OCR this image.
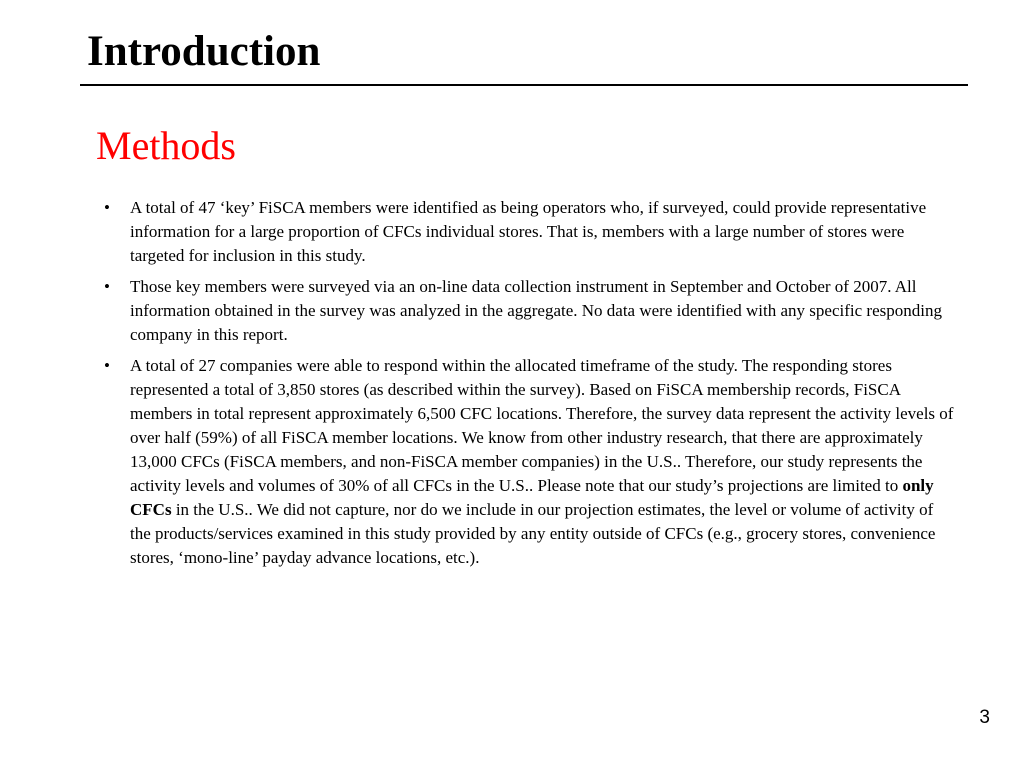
Introduction
Methods
• A total of 47 ‘key’ FiSCA members were identified as being operators who, if surveyed, could provide representative information for a large proportion of CFCs individual stores. That is, members with a large number of stores were targeted for inclusion in this study.
• Those key members were surveyed via an on-line data collection instrument in September and October of 2007. All information obtained in the survey was analyzed in the aggregate. No data were identified with any specific responding company in this report.
• A total of 27 companies were able to respond within the allocated timeframe of the study. The responding stores represented a total of 3,850 stores (as described within the survey). Based on FiSCA membership records, FiSCA members in total represent approximately 6,500 CFC locations. Therefore, the survey data represent the activity levels of over half (59%) of all FiSCA member locations. We know from other industry research, that there are approximately 13,000 CFCs (FiSCA members, and non-FiSCA member companies) in the U.S.. Therefore, our study represents the activity levels and volumes of 30% of all CFCs in the U.S.. Please note that our study’s projections are limited to only CFCs in the U.S.. We did not capture, nor do we include in our projection estimates, the level or volume of activity of the products/services examined in this study provided by any entity outside of CFCs (e.g., grocery stores, convenience stores, ‘mono-line’ payday advance locations, etc.).
3
